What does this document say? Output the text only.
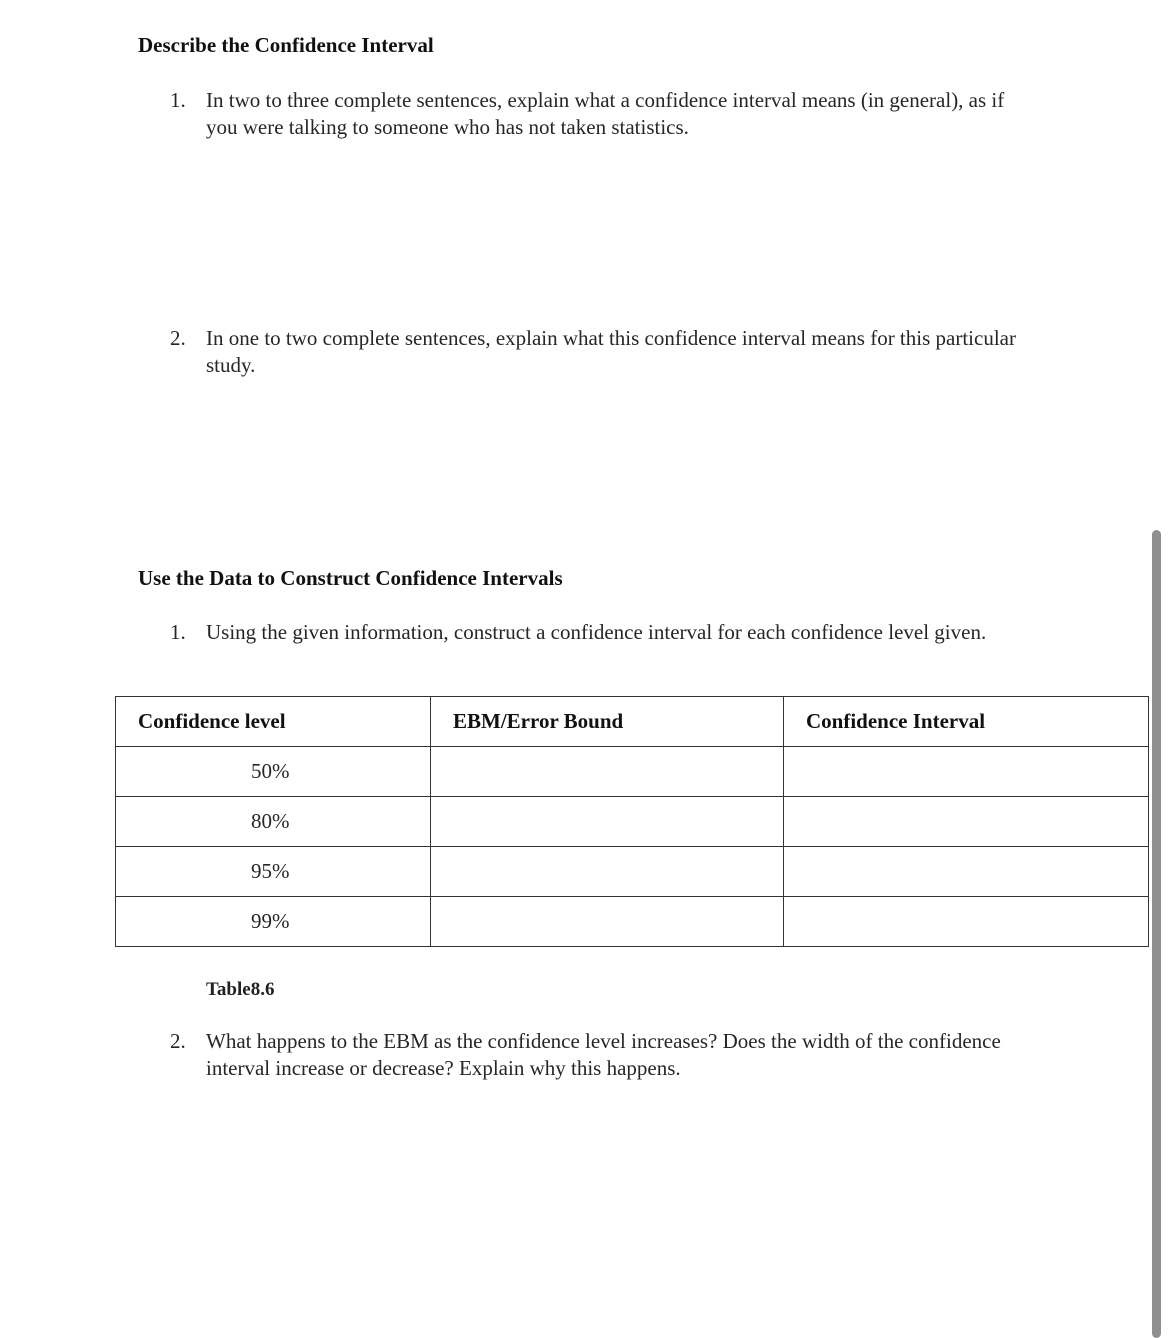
Describe the Confidence Interval
1. In two to three complete sentences, explain what a confidence interval means (in general), as if you were talking to someone who has not taken statistics.
2. In one to two complete sentences, explain what this confidence interval means for this particular study.
Use the Data to Construct Confidence Intervals
1. Using the given information, construct a confidence interval for each confidence level given.
Confidence level	EBM/Error Bound	Confidence Interval
50%		
80%		
95%		
99%		
Table8.6
2. What happens to the EBM as the confidence level increases? Does the width of the confidence interval increase or decrease? Explain why this happens.
